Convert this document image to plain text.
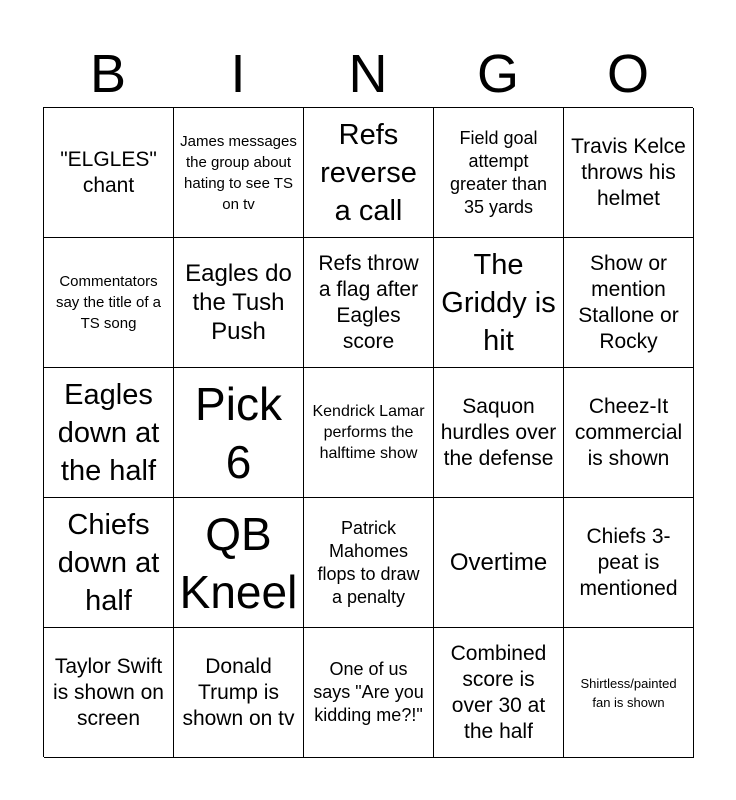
B	I	N	G	O
"ELGLES" chant
James messages the group about hating to see TS on tv
Refs reverse a call
Field goal attempt greater than 35 yards
Travis Kelce throws his helmet
Commentators say the title of a TS song
Eagles do the Tush Push
Refs throw a flag after Eagles score
The Griddy is hit
Show or mention Stallone or Rocky
Eagles down at the half
Pick 6
Kendrick Lamar performs the halftime show
Saquon hurdles over the defense
Cheez-It commercial is shown
Chiefs down at half
QB Kneel
Patrick Mahomes flops to draw a penalty
Overtime
Chiefs 3-peat is mentioned
Taylor Swift is shown on screen
Donald Trump is shown on tv
One of us says "Are you kidding me?!"
Combined score is over 30 at the half
Shirtless/painted fan is shown
